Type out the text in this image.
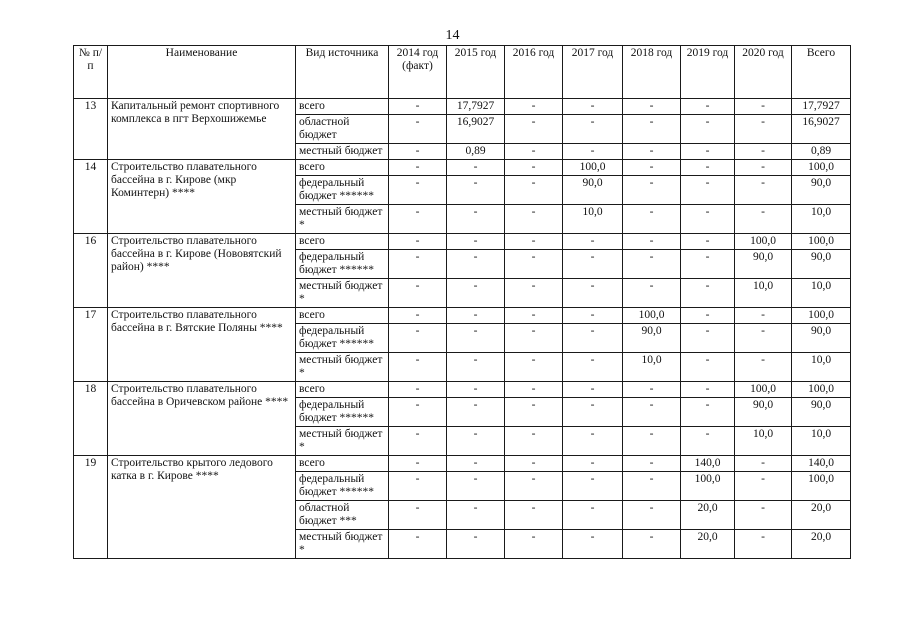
14
№ п/п	Наименование	Вид источника	2014 год (факт)	2015 год	2016 год	2017 год	2018 год	2019 год	2020 год	Всего
13	Капитальный ремонт спортивного комплекса в пгт Верхошижемье	всего	-	17,7927	-	-	-	-	-	17,7927
		областной бюджет	-	16,9027	-	-	-	-	-	16,9027
		местный бюджет	-	0,89	-	-	-	-	-	0,89
14	Строительство плавательного бассейна в г. Кирове (мкр Коминтерн) ****	всего	-	-	-	100,0	-	-	-	100,0
		федеральный бюджет ******	-	-	-	90,0	-	-	-	90,0
		местный бюджет *	-	-	-	10,0	-	-	-	10,0
16	Строительство плавательного бассейна в г. Кирове (Нововятский район) ****	всего	-	-	-	-	-	-	100,0	100,0
		федеральный бюджет ******	-	-	-	-	-	-	90,0	90,0
		местный бюджет *	-	-	-	-	-	-	10,0	10,0
17	Строительство плавательного бассейна в г. Вятские Поляны ****	всего	-	-	-	-	100,0	-	-	100,0
		федеральный бюджет ******	-	-	-	-	90,0	-	-	90,0
		местный бюджет *	-	-	-	-	10,0	-	-	10,0
18	Строительство плавательного бассейна в Оричевском районе ****	всего	-	-	-	-	-	-	100,0	100,0
		федеральный бюджет ******	-	-	-	-	-	-	90,0	90,0
		местный бюджет *	-	-	-	-	-	-	10,0	10,0
19	Строительство крытого ледового катка в г. Кирове ****	всего	-	-	-	-	-	140,0	-	140,0
		федеральный бюджет ******	-	-	-	-	-	100,0	-	100,0
		областной бюджет ***	-	-	-	-	-	20,0	-	20,0
		местный бюджет *	-	-	-	-	-	20,0	-	20,0
